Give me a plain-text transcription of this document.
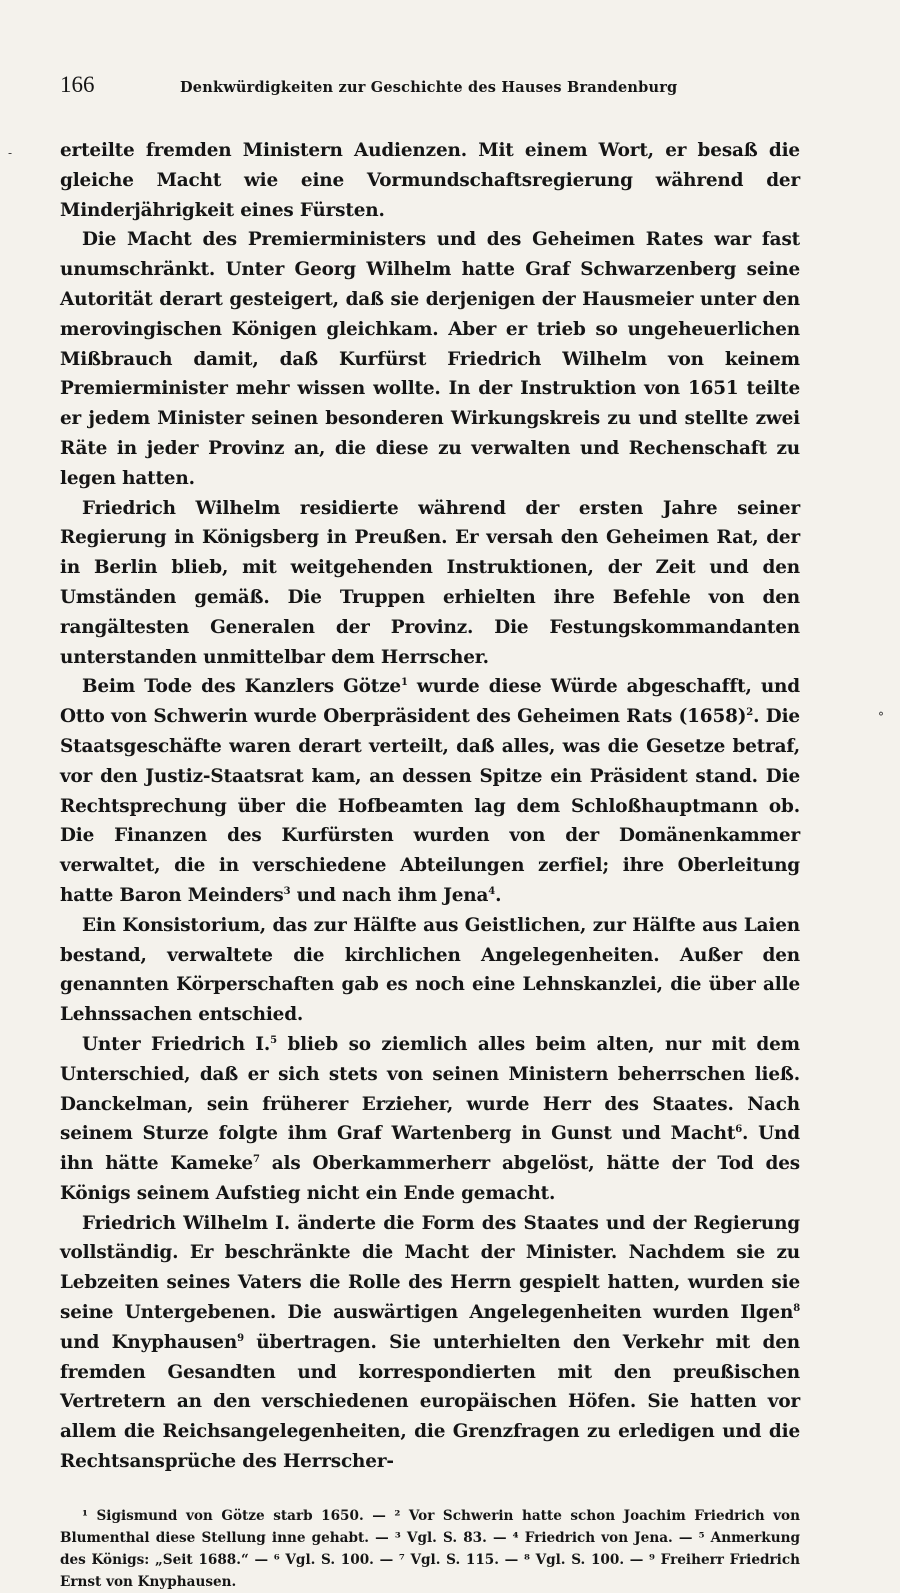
-
°
166	Denkwürdigkeiten zur Geschichte des Hauses Brandenburg

erteilte fremden Ministern Audienzen. Mit einem Wort, er besaß die gleiche Macht wie eine Vormundschaftsregierung während der Minderjährigkeit eines Fürsten.

Die Macht des Premierministers und des Geheimen Rates war fast unumschränkt. Unter Georg Wilhelm hatte Graf Schwarzenberg seine Autorität derart gesteigert, daß sie derjenigen der Hausmeier unter den merovingischen Königen gleichkam. Aber er trieb so ungeheuerlichen Mißbrauch damit, daß Kurfürst Friedrich Wilhelm von keinem Premierminister mehr wissen wollte. In der Instruktion von 1651 teilte er jedem Minister seinen besonderen Wirkungskreis zu und stellte zwei Räte in jeder Provinz an, die diese zu verwalten und Rechenschaft zu legen hatten.

Friedrich Wilhelm residierte während der ersten Jahre seiner Regierung in Königsberg in Preußen. Er versah den Geheimen Rat, der in Berlin blieb, mit weitgehenden Instruktionen, der Zeit und den Umständen gemäß. Die Truppen erhielten ihre Befehle von den rangältesten Generalen der Provinz. Die Festungskommandanten unterstanden unmittelbar dem Herrscher.

Beim Tode des Kanzlers Götze$^1$ wurde diese Würde abgeschafft, und Otto von Schwerin wurde Oberpräsident des Geheimen Rats $(1658)^2$. Die Staatsgeschäfte waren derart verteilt, daß alles, was die Gesetze betraf, vor den Justiz-Staatsrat kam, an dessen Spitze ein Präsident stand. Die Rechtsprechung über die Hofbeamten lag dem Schloßhauptmann ob. Die Finanzen des Kurfürsten wurden von der Domänenkammer verwaltet, die in verschiedene Abteilungen zerfiel; ihre Oberleitung hatte Baron Meinders$^3$ und nach ihm Jena$^4$.

Ein Konsistorium, das zur Hälfte aus Geistlichen, zur Hälfte aus Laien bestand, verwaltete die kirchlichen Angelegenheiten. Außer den genannten Körperschaften gab es noch eine Lehnskanzlei, die über alle Lehnssachen entschied.

Unter Friedrich I.$^5$ blieb so ziemlich alles beim alten, nur mit dem Unterschied, daß er sich stets von seinen Ministern beherrschen ließ. Danckelman, sein früherer Erzieher, wurde Herr des Staates. Nach seinem Sturze folgte ihm Graf Wartenberg in Gunst und Macht$^6$. Und ihn hätte Kameke$^7$ als Oberkammerherr abgelöst, hätte der Tod des Königs seinem Aufstieg nicht ein Ende gemacht.

Friedrich Wilhelm I. änderte die Form des Staates und der Regierung vollständig. Er beschränkte die Macht der Minister. Nachdem sie zu Lebzeiten seines Vaters die Rolle des Herrn gespielt hatten, wurden sie seine Untergebenen. Die auswärtigen Angelegenheiten wurden Ilgen$^8$ und Knyphausen$^9$ übertragen. Sie unterhielten den Verkehr mit den fremden Gesandten und korrespondierten mit den preußischen Vertretern an den verschiedenen europäischen Höfen. Sie hatten vor allem die Reichsangelegenheiten, die Grenzfragen zu erledigen und die Rechtsansprüche des Herrscher-

¹ Sigismund von Götze starb 1650. — ² Vor Schwerin hatte schon Joachim Friedrich von Blumenthal diese Stellung inne gehabt. — ³ Vgl. S. 83. — ⁴ Friedrich von Jena. — ⁵ Anmerkung des Königs: „Seit 1688.“ — ⁶ Vgl. S. 100. — ⁷ Vgl. S. 115. — ⁸ Vgl. S. 100. — ⁹ Freiherr Friedrich Ernst von Knyphausen.
